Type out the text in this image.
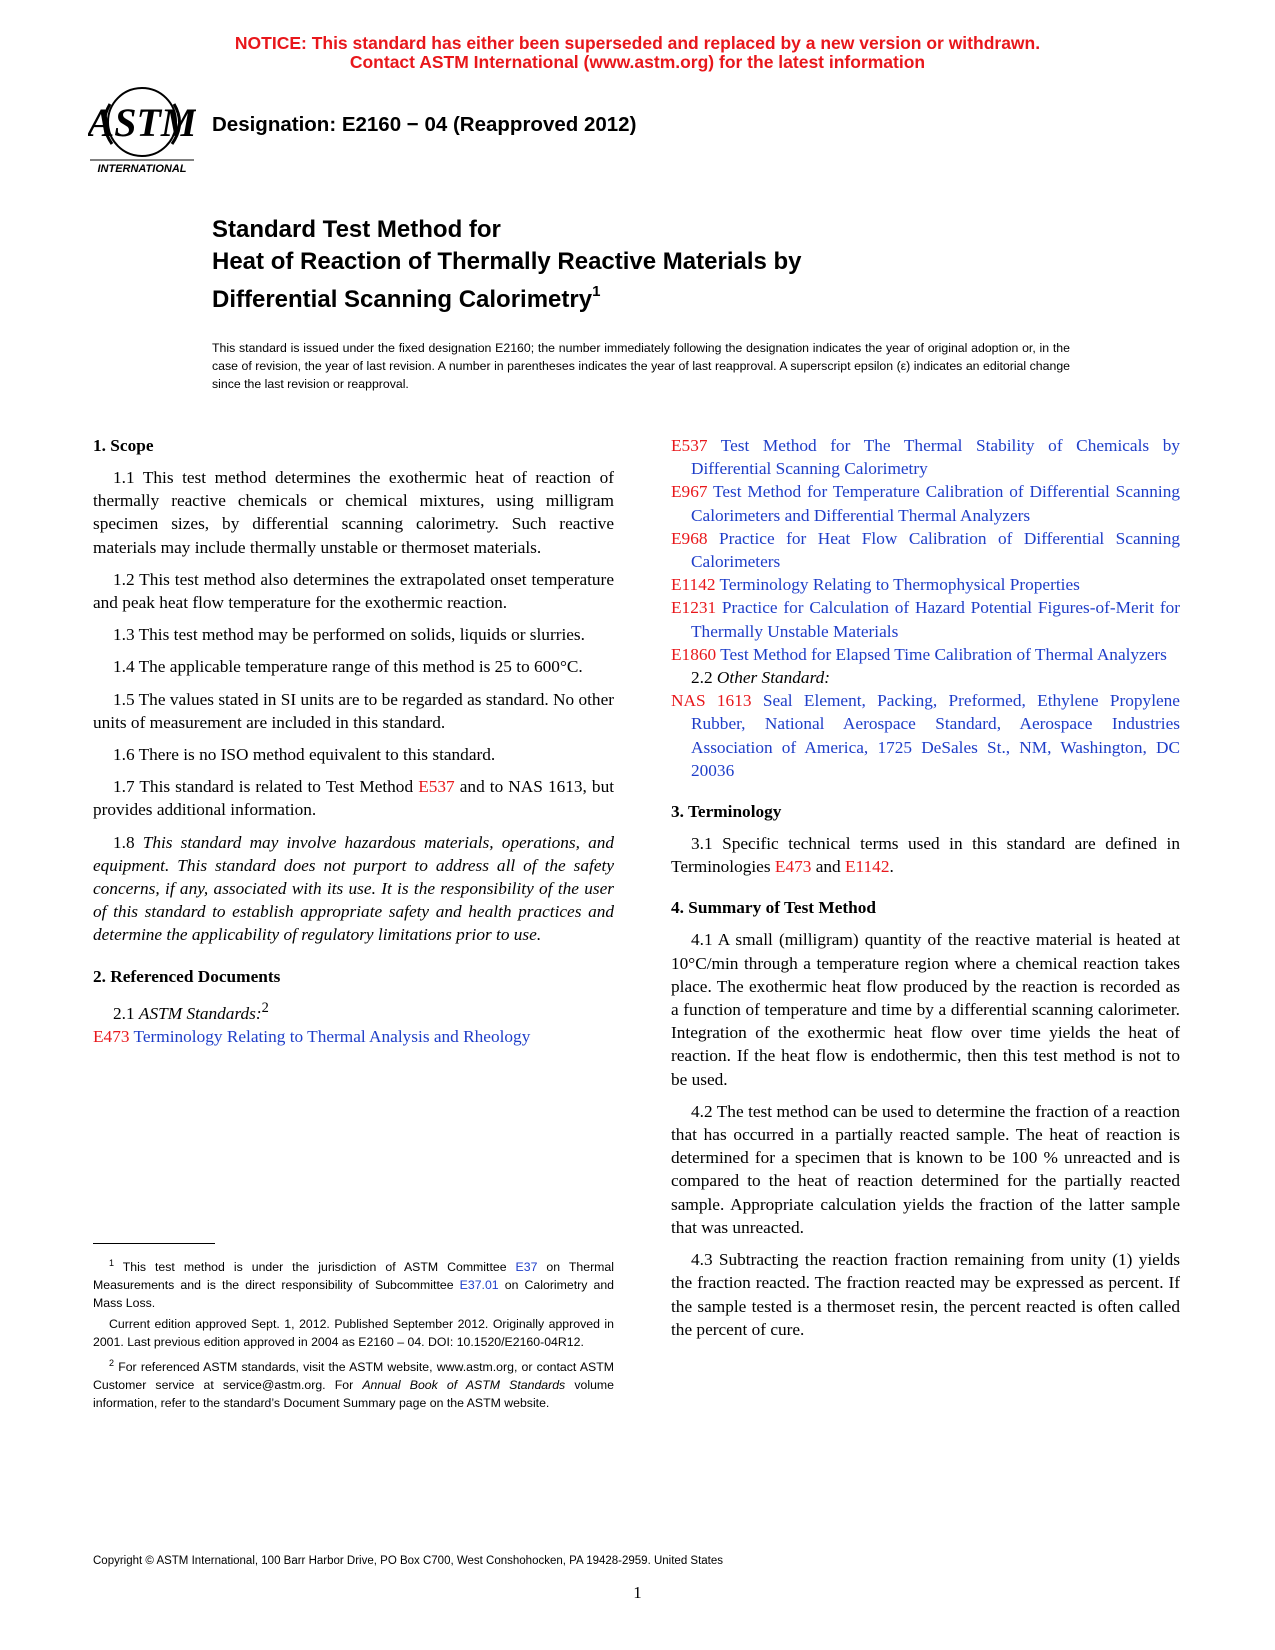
NOTICE: This standard has either been superseded and replaced by a new version or withdrawn.
Contact ASTM International (www.astm.org) for the latest information
ASTM
INTERNATIONAL
Designation: E2160 − 04 (Reapproved 2012)
Standard Test Method for
Heat of Reaction of Thermally Reactive Materials by
Differential Scanning Calorimetry$^1$
This standard is issued under the fixed designation E2160; the number immediately following the designation indicates the year of original adoption or, in the case of revision, the year of last revision. A number in parentheses indicates the year of last reapproval. A superscript epsilon (ε) indicates an editorial change since the last revision or reapproval.
1. Scope

1.1 This test method determines the exothermic heat of reaction of thermally reactive chemicals or chemical mixtures, using milligram specimen sizes, by differential scanning calorimetry. Such reactive materials may include thermally unstable or thermoset materials.

1.2 This test method also determines the extrapolated onset temperature and peak heat flow temperature for the exothermic reaction.

1.3 This test method may be performed on solids, liquids or slurries.

1.4 The applicable temperature range of this method is 25 to 600°C.

1.5 The values stated in SI units are to be regarded as standard. No other units of measurement are included in this standard.

1.6 There is no ISO method equivalent to this standard.

1.7 This standard is related to Test Method E537 and to NAS 1613, but provides additional information.

1.8 This standard may involve hazardous materials, operations, and equipment. This standard does not purport to address all of the safety concerns, if any, associated with its use. It is the responsibility of the user of this standard to establish appropriate safety and health practices and determine the applicability of regulatory limitations prior to use.

2. Referenced Documents

2.1 ASTM Standards:$^2$

E473 Terminology Relating to Thermal Analysis and Rheology
E537 Test Method for The Thermal Stability of Chemicals by Differential Scanning Calorimetry
E967 Test Method for Temperature Calibration of Differential Scanning Calorimeters and Differential Thermal Analyzers
E968 Practice for Heat Flow Calibration of Differential Scanning Calorimeters
E1142 Terminology Relating to Thermophysical Properties
E1231 Practice for Calculation of Hazard Potential Figures-of-Merit for Thermally Unstable Materials
E1860 Test Method for Elapsed Time Calibration of Thermal Analyzers

2.2 Other Standard:

NAS 1613 Seal Element, Packing, Preformed, Ethylene Propylene Rubber, National Aerospace Standard, Aerospace Industries Association of America, 1725 DeSales St., NM, Washington, DC 20036
3. Terminology

3.1 Specific technical terms used in this standard are defined in Terminologies E473 and E1142.

4. Summary of Test Method

4.1 A small (milligram) quantity of the reactive material is heated at 10°C/min through a temperature region where a chemical reaction takes place. The exothermic heat flow produced by the reaction is recorded as a function of temperature and time by a differential scanning calorimeter. Integration of the exothermic heat flow over time yields the heat of reaction. If the heat flow is endothermic, then this test method is not to be used.

4.2 The test method can be used to determine the fraction of a reaction that has occurred in a partially reacted sample. The heat of reaction is determined for a specimen that is known to be 100 % unreacted and is compared to the heat of reaction determined for the partially reacted sample. Appropriate calculation yields the fraction of the latter sample that was unreacted.

4.3 Subtracting the reaction fraction remaining from unity (1) yields the fraction reacted. The fraction reacted may be expressed as percent. If the sample tested is a thermoset resin, the percent reacted is often called the percent of cure.

$^1$ This test method is under the jurisdiction of ASTM Committee E37 on Thermal Measurements and is the direct responsibility of Subcommittee E37.01 on Calorimetry and Mass Loss.

Current edition approved Sept. 1, 2012. Published September 2012. Originally approved in 2001. Last previous edition approved in 2004 as E2160 – 04. DOI: 10.1520/E2160-04R12.

$^2$ For referenced ASTM standards, visit the ASTM website, www.astm.org, or contact ASTM Customer service at service@astm.org. For Annual Book of ASTM Standards volume information, refer to the standard’s Document Summary page on the ASTM website.

Copyright © ASTM International, 100 Barr Harbor Drive, PO Box C700, West Conshohocken, PA 19428-2959. United States
1
